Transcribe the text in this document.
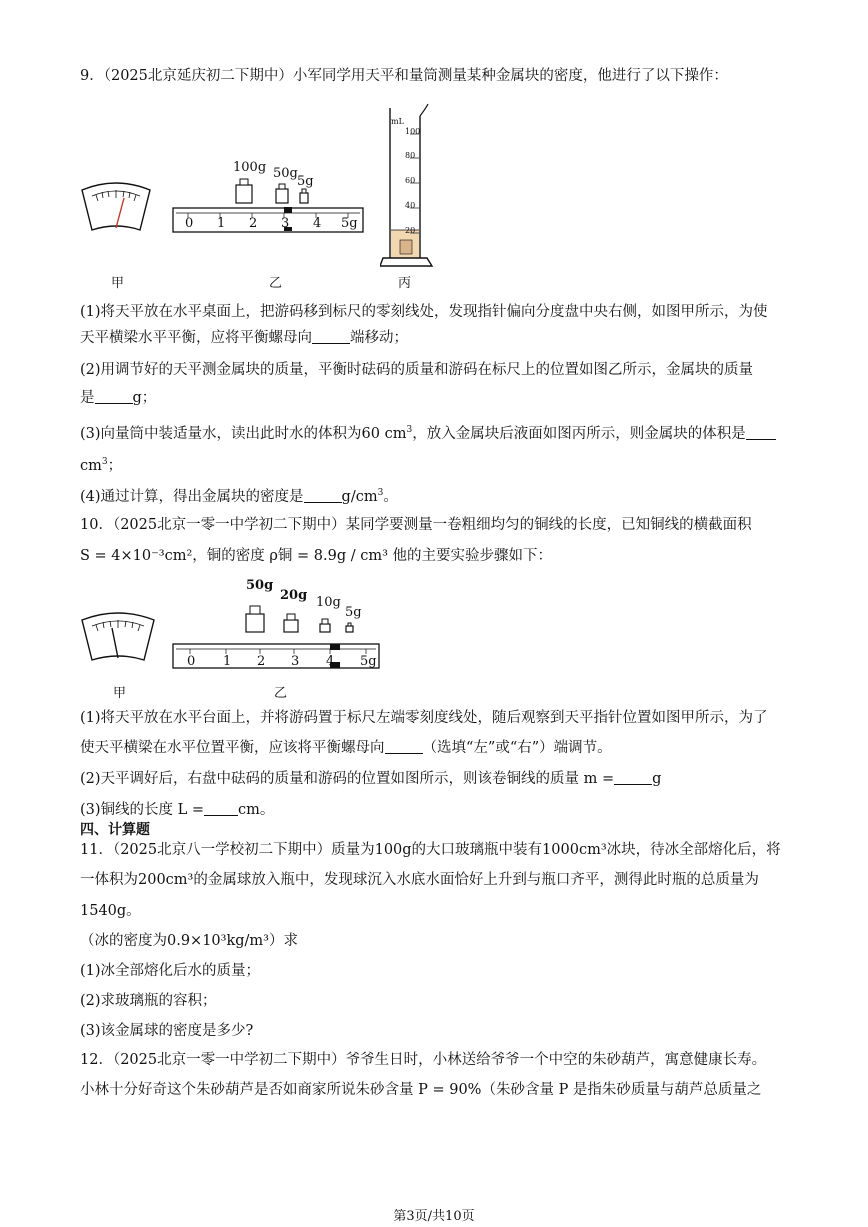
9．（2025北京延庆初二下期中）小军同学用天平和量筒测量某种金属块的密度，他进行了以下操作：
甲
100g 50g
5g
0 1 2 3 4 5g
乙
mL
100
80
60
40
20
丙
(1)将天平放在水平桌面上，把游码移到标尺的零刻线处，发现指针偏向分度盘中央右侧，如图甲所示，为使
天平横梁水平平衡，应将平衡螺母向	端移动；
(2)用调节好的天平测金属块的质量，平衡时砝码的质量和游码在标尺上的位置如图乙所示，金属块的质量
是	g；
(3)向量筒中装适量水，读出此时水的体积为60 $cm^3$，放入金属块后液面如图丙所示，则金属块的体积是
$cm^3$；
(4)通过计算，得出金属块的密度是	$g/cm^3$。
10．（2025北京一零一中学初二下期中）某同学要测量一卷粗细均匀的铜线的长度，已知铜线的横截面积
S = 4×10⁻³cm²，铜的密度 ρ铜 = 8.9g / cm³ 他的主要实验步骤如下：
甲
50g
20g 10g
5g
0 1 2 3 4 5g
乙
(1)将天平放在水平台面上，并将游码置于标尺左端零刻度线处，随后观察到天平指针位置如图甲所示，为了
使天平横梁在水平位置平衡，应该将平衡螺母向	（选填“左”或“右”）端调节。
(2)天平调好后，右盘中砝码的质量和游码的位置如图所示，则该卷铜线的质量 m =	g
(3)铜线的长度 L = cm。
四、计算题
11．（2025北京八一学校初二下期中）质量为100g的大口玻璃瓶中装有1000cm³冰块，待冰全部熔化后，将
一体积为200cm³的金属球放入瓶中，发现球沉入水底水面恰好上升到与瓶口齐平，测得此时瓶的总质量为
1540g。
（冰的密度为0.9×10³kg/m³）求
(1)冰全部熔化后水的质量；
(2)求玻璃瓶的容积；
(3)该金属球的密度是多少?
12．（2025北京一零一中学初二下期中）爷爷生日时，小林送给爷爷一个中空的朱砂葫芦，寓意健康长寿。
小林十分好奇这个朱砂葫芦是否如商家所说朱砂含量 P = 90%（朱砂含量 P 是指朱砂质量与葫芦总质量之
第3页/共10页
